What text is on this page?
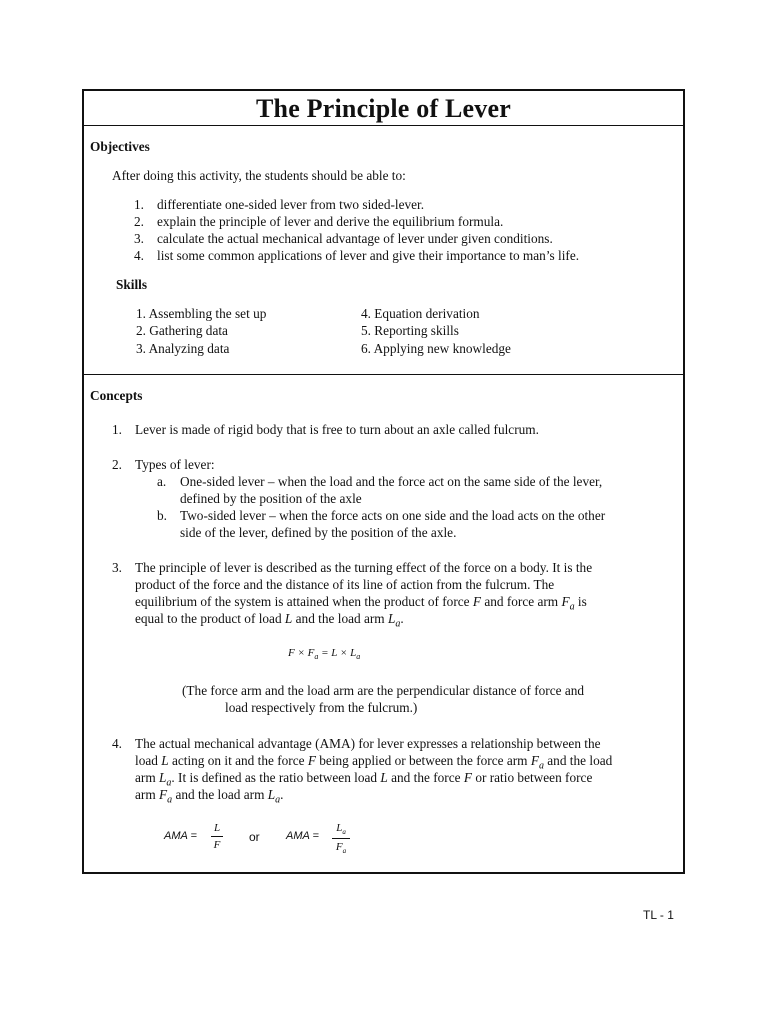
The Principle of Lever
Objectives
After doing this activity, the students should be able to:
1. differentiate one-sided lever from two sided-lever.
2. explain the principle of lever and derive the equilibrium formula.
3. calculate the actual mechanical advantage of lever under given conditions.
4. list some common applications of lever and give their importance to man’s life.
Skills
1. Assembling the set up
2. Gathering data
3. Analyzing data
4. Equation derivation
5. Reporting skills
6. Applying new knowledge
Concepts
1. Lever is made of rigid body that is free to turn about an axle called fulcrum.
2. Types of lever:
a. One-sided lever – when the load and the force act on the same side of the lever,
defined by the position of the axle
b. Two-sided lever – when the force acts on one side and the load acts on the other
side of the lever, defined by the position of the axle.
3. The principle of lever is described as the turning effect of the force on a body. It is the
product of the force and the distance of its line of action from the fulcrum. The
equilibrium of the system is attained when the product of force F and force arm $F_a$ is
equal to the product of load L and the load arm $L_a$.
$F \times F_a = L \times L_a$
(The force arm and the load arm are the perpendicular distance of force and
load respectively from the fulcrum.)
4. The actual mechanical advantage (AMA) for lever expresses a relationship between the
load L acting on it and the force F being applied or between the force arm $F_a$ and the load
arm $L_a$. It is defined as the ratio between load L and the force F or ratio between force
arm $F_a$ and the load arm $L_a$.
AMA =
L
F
or AMA =
$L_a$
$F_a$
TL - 1
